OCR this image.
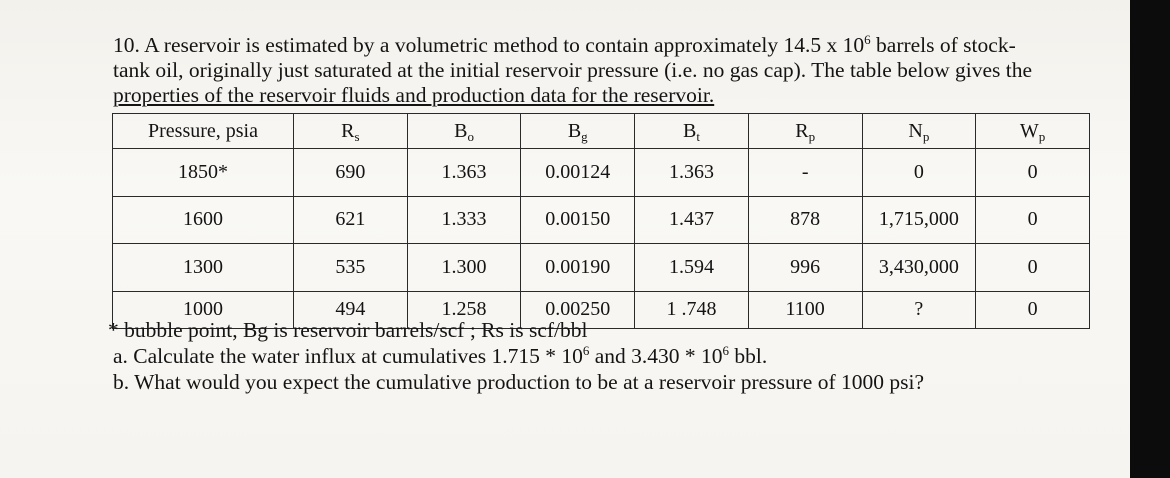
10. A reservoir is estimated by a volumetric method to contain approximately 14.5 x $10^6$ barrels of stock-
tank oil, originally just saturated at the initial reservoir pressure (i.e. no gas cap). The table below gives the
properties of the reservoir fluids and production data for the reservoir.
Pressure, psia	$R_s$	$B_o$	$B_g$	$B_t$	$R_p$	$N_p$	$W_p$
1850*	690	1.363	0.00124	1.363	-	0	0
1600	621	1.333	0.00150	1.437	878	1,715,000	0
1300	535	1.300	0.00190	1.594	996	3,430,000	0
1000	494	1.258	0.00250	1 .748	1100	?	0
* bubble point, Bg is reservoir barrels/scf ; Rs is scf/bbl
a. Calculate the water influx at cumulatives $1.715 * 10^6$ and $3.430 * 10^6$ bbl.
b. What would you expect the cumulative production to be at a reservoir pressure of 1000 psi?
